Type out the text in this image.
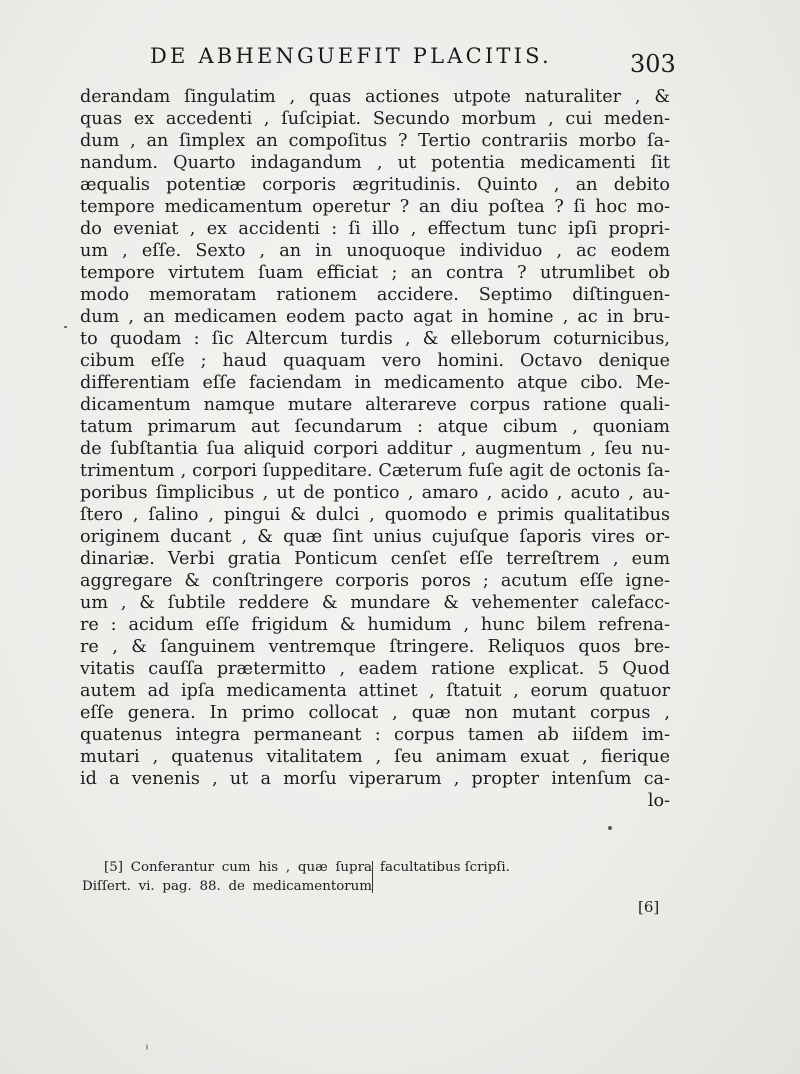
DE ABHENGUEFIT PLACITIS.	303
derandam ſingulatim , quas actiones utpote naturaliter , &
quas ex accedenti , ſuſcipiat. Secundo morbum , cui meden-
dum , an ſimplex an compoſitus ? Tertio contrariis morbo ſa-
nandum. Quarto indagandum , ut potentia medicamenti ſit
æqualis potentiæ corporis ægritudinis. Quinto , an debito
tempore medicamentum operetur ? an diu poſtea ? ſi hoc mo-
do eveniat , ex accidenti : ſi illo , effectum tunc ipſi propri-
um , eſſe. Sexto , an in unoquoque individuo , ac eodem
tempore virtutem ſuam efficiat ; an contra ? utrumlibet ob
modo memoratam rationem accidere. Septimo diſtinguen-
dum , an medicamen eodem pacto agat in homine , ac in bru-
to quodam : ſic Altercum turdis , & elleborum coturnicibus,
cibum eſſe ; haud quaquam vero homini. Octavo denique
differentiam eſſe faciendam in medicamento atque cibo. Me-
dicamentum namque mutare alterareve corpus ratione quali-
tatum primarum aut ſecundarum : atque cibum , quoniam
de ſubſtantia ſua aliquid corpori additur , augmentum , ſeu nu-
trimentum , corpori ſuppeditare. Cæterum fuſe agit de octonis ſa-
poribus ſimplicibus , ut de pontico , amaro , acido , acuto , au-
ſtero , ſalino , pingui & dulci , quomodo e primis qualitatibus
originem ducant , & quæ ſint unius cujuſque ſaporis vires or-
dinariæ. Verbi gratia Ponticum cenſet eſſe terreſtrem , eum
aggregare & conſtringere corporis poros ; acutum eſſe igne-
um , & ſubtile reddere & mundare & vehementer calefacc-
re : acidum eſſe frigidum & humidum , hunc bilem refrena-
re , & ſanguinem ventremque ſtringere. Reliquos quos bre-
vitatis cauſſa prætermitto , eadem ratione explicat. 5 Quod
autem ad ipſa medicamenta attinet , ſtatuit , eorum quatuor
eſſe genera. In primo collocat , quæ non mutant corpus ,
quatenus integra permaneant : corpus tamen ab iiſdem im-
mutari , quatenus vitalitatem , ſeu animam exuat , fierique
id a venenis , ut a morſu viperarum , propter intenſum ca-
lo-
[5] Conferantur cum his , quæ ſupra
Diſſert. vi. pag. 88. de medicamentorum
facultatibus ſcripſi.
[6]
